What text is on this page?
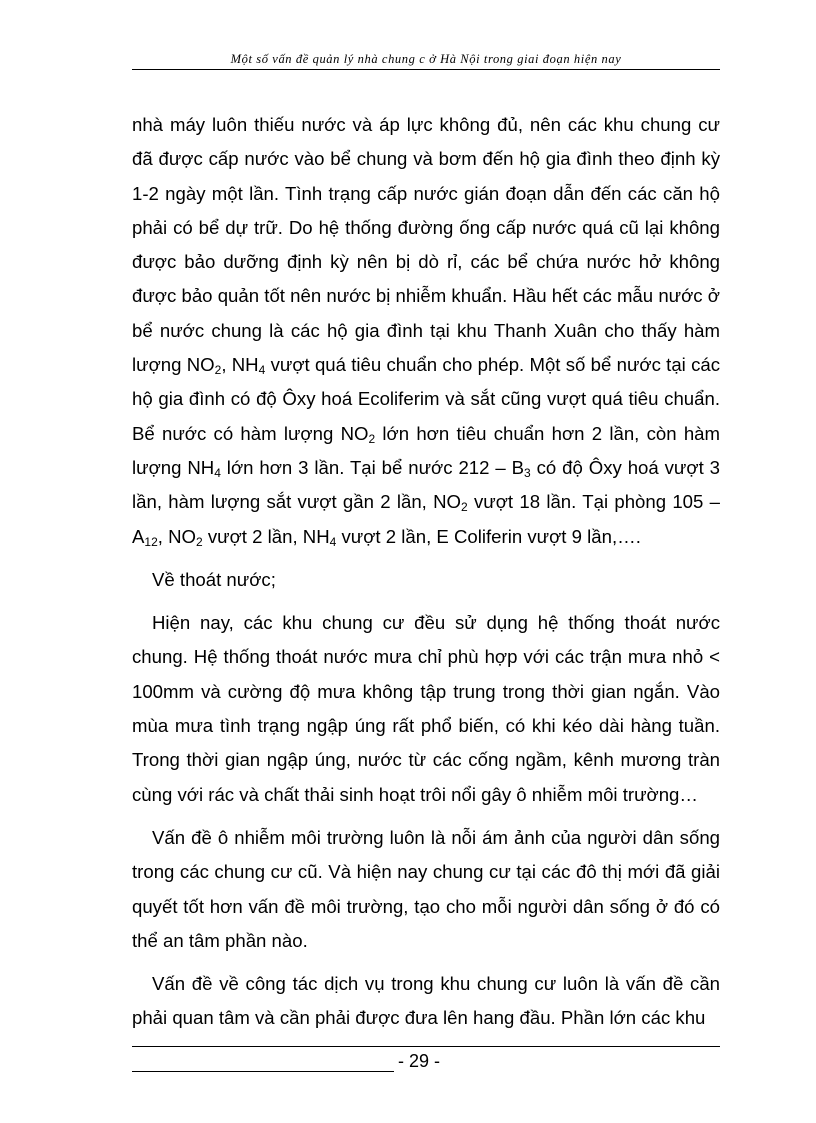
Một số vấn đề quản lý nhà chung c ở Hà Nội trong giai đoạn hiện nay

nhà máy luôn thiếu nước và áp lực không đủ, nên các khu chung cư đã được cấp nước vào bể chung và bơm đến hộ gia đình theo định kỳ 1-2 ngày một lần. Tình trạng cấp nước gián đoạn dẫn đến các căn hộ phải có bể dự trữ. Do hệ thống đường ống cấp nước quá cũ lại không được bảo dưỡng định kỳ nên bị dò rỉ, các bể chứa nước hở không được bảo quản tốt nên nước bị nhiễm khuẩn. Hầu hết các mẫu nước ở bể nước chung là các hộ gia đình tại khu Thanh Xuân cho thấy hàm lượng $NO_2$, $NH_4$ vượt quá tiêu chuẩn cho phép. Một số bể nước tại các hộ gia đình có độ Ôxy hoá Ecoliferim và sắt cũng vượt quá tiêu chuẩn. Bể nước có hàm lượng $NO_2$ lớn hơn tiêu chuẩn hơn 2 lần, còn hàm lượng $NH_4$ lớn hơn 3 lần. Tại bể nước $212 - B_3$ có độ Ôxy hoá vượt 3 lần, hàm lượng sắt vượt gần 2 lần, $NO_2$ vượt 18 lần. Tại phòng $105 - A_{12}$, $NO_2$ vượt 2 lần, $NH_4$ vượt 2 lần, E Coliferin vượt 9 lần,….

Về thoát nước;

Hiện nay, các khu chung cư đều sử dụng hệ thống thoát nước chung. Hệ thống thoát nước mưa chỉ phù hợp với các trận mưa nhỏ < 100mm và cường độ mưa không tập trung trong thời gian ngắn. Vào mùa mưa tình trạng ngập úng rất phổ biến, có khi kéo dài hàng tuần. Trong thời gian ngập úng, nước từ các cống ngầm, kênh mương tràn cùng với rác và chất thải sinh hoạt trôi nổi gây ô nhiễm môi trường…

Vấn đề ô nhiễm môi trường luôn là nỗi ám ảnh của người dân sống trong các chung cư cũ. Và hiện nay chung cư tại các đô thị mới đã giải quyết tốt hơn vấn đề môi trường, tạo cho mỗi người dân sống ở đó có thể an tâm phần nào.

Vấn đề về công tác dịch vụ trong khu chung cư luôn là vấn đề cần phải quan tâm và cần phải được đưa lên hang đầu. Phần lớn các khu

- 29 -
